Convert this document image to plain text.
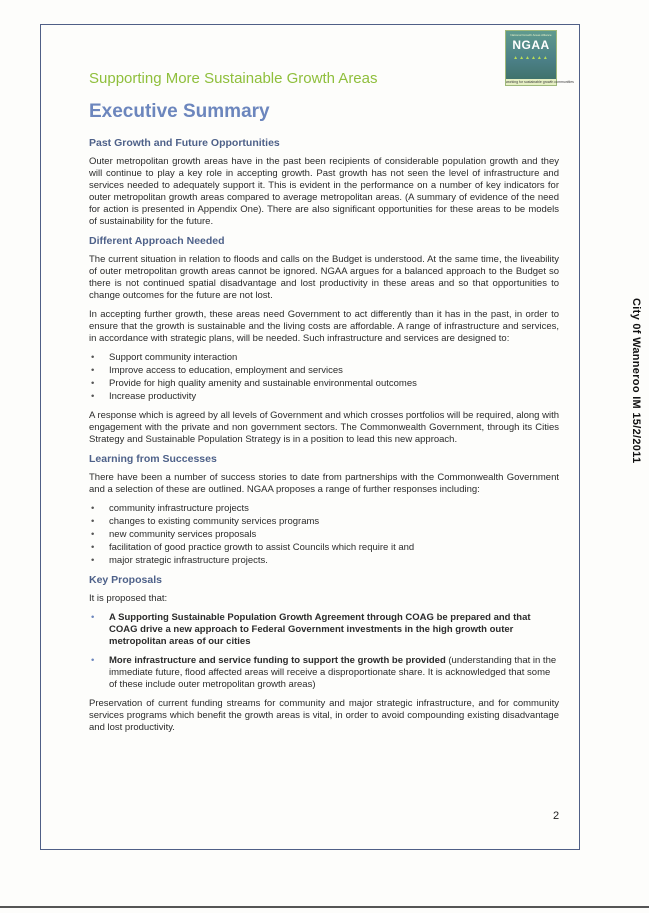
National Growth Areas Alliance
NGAA
▲▲▲▲▲▲
working for sustainable growth communities
Supporting More Sustainable Growth Areas
Executive Summary
Past Growth and Future Opportunities

Outer metropolitan growth areas have in the past been recipients of considerable population growth and they will continue to play a key role in accepting growth. Past growth has not seen the level of infrastructure and services needed to adequately support it. This is evident in the performance on a number of key indicators for outer metropolitan growth areas compared to average metropolitan areas. (A summary of evidence of the need for action is presented in Appendix One). There are also significant opportunities for these areas to be models of sustainability for the future.

Different Approach Needed

The current situation in relation to floods and calls on the Budget is understood. At the same time, the liveability of outer metropolitan growth areas cannot be ignored. NGAA argues for a balanced approach to the Budget so there is not continued spatial disadvantage and lost productivity in these areas and so that opportunities to change outcomes for the future are not lost.

In accepting further growth, these areas need Government to act differently than it has in the past, in order to ensure that the growth is sustainable and the living costs are affordable. A range of infrastructure and services, in accordance with strategic plans, will be needed. Such infrastructure and services are designed to:

• Support community interaction
• Improve access to education, employment and services
• Provide for high quality amenity and sustainable environmental outcomes
• Increase productivity

A response which is agreed by all levels of Government and which crosses portfolios will be required, along with engagement with the private and non government sectors. The Commonwealth Government, through its Cities Strategy and Sustainable Population Strategy is in a position to lead this new approach.

Learning from Successes

There have been a number of success stories to date from partnerships with the Commonwealth Government and a selection of these are outlined. NGAA proposes a range of further responses including:

• community infrastructure projects
• changes to existing community services programs
• new community services proposals
• facilitation of good practice growth to assist Councils which require it and
• major strategic infrastructure projects.
Key Proposals

It is proposed that:

• A Supporting Sustainable Population Growth Agreement through COAG be prepared and that COAG drive a new approach to Federal Government investments in the high growth outer metropolitan areas of our cities
• More infrastructure and service funding to support the growth be provided (understanding that in the immediate future, flood affected areas will receive a disproportionate share. It is acknowledged that some of these include outer metropolitan growth areas)

Preservation of current funding streams for community and major strategic infrastructure, and for community services programs which benefit the growth areas is vital, in order to avoid compounding existing disadvantage and lost productivity.

2
City 0f Wanneroo IM 15/2/2011
